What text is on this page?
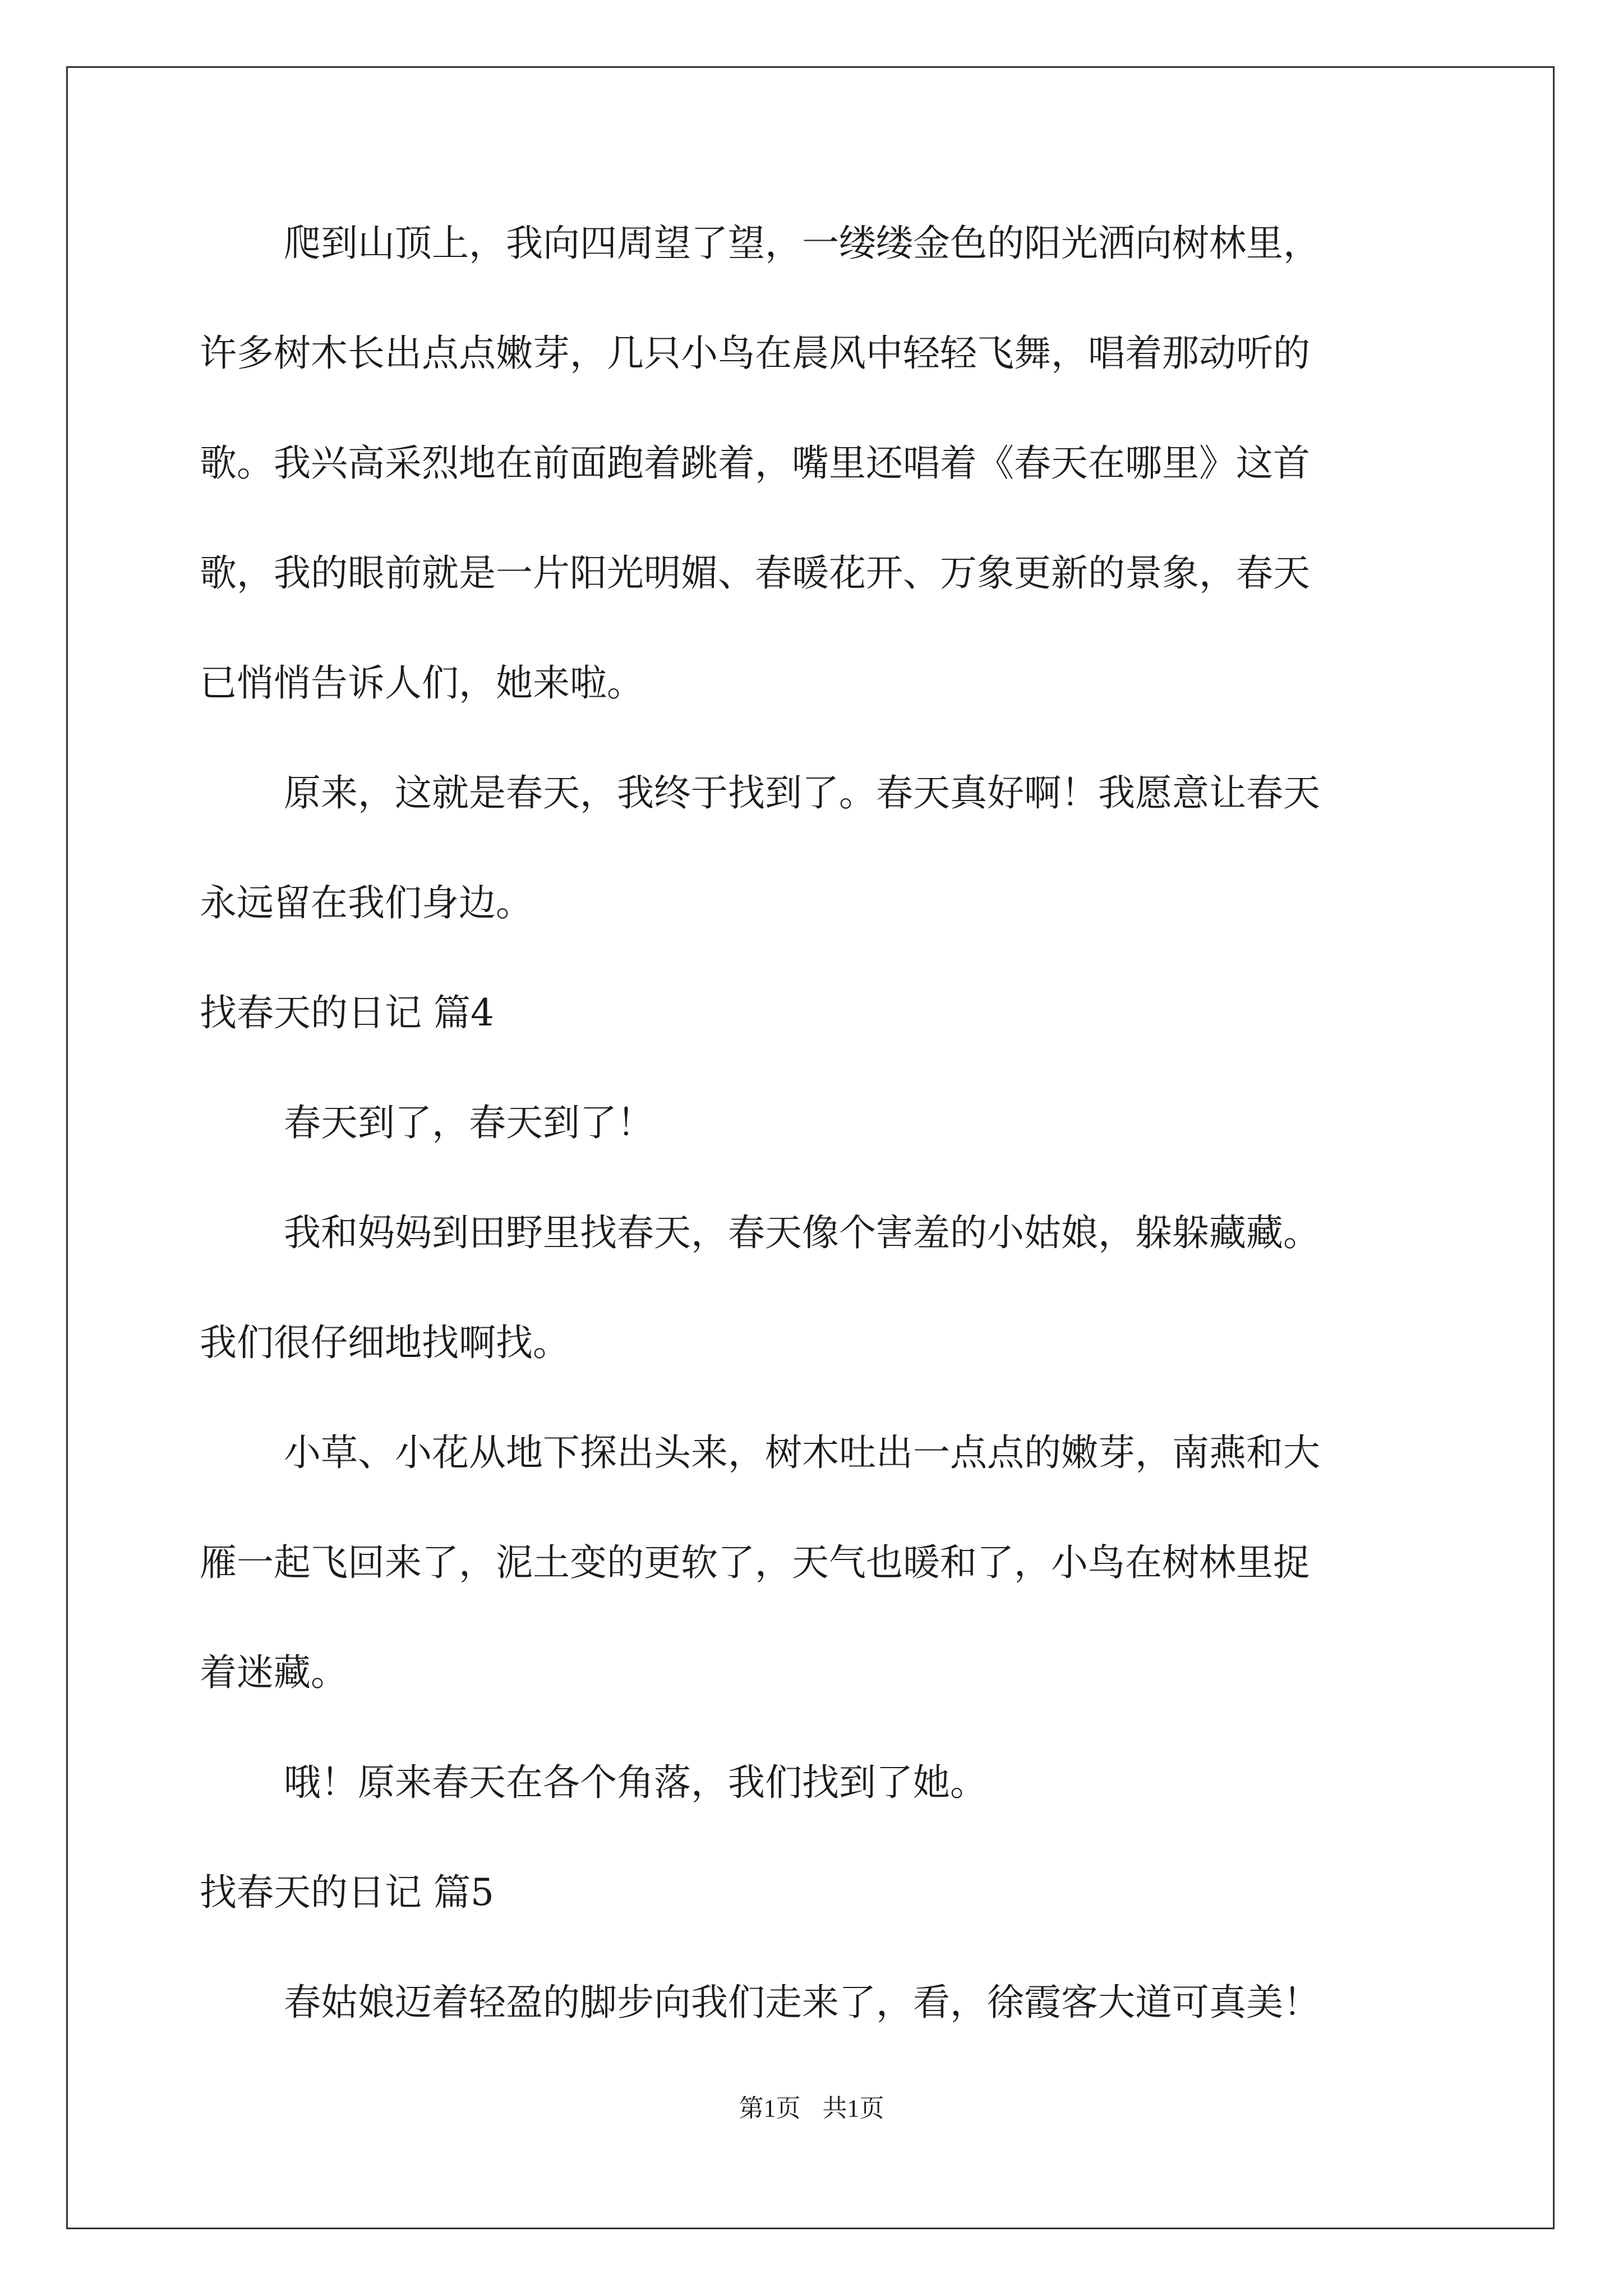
爬到山顶上，我向四周望了望，一缕缕金色的阳光洒向树林里，

许多树木长出点点嫩芽，几只小鸟在晨风中轻轻飞舞，唱着那动听的

歌。我兴高采烈地在前面跑着跳着，嘴里还唱着《春天在哪里》这首

歌，我的眼前就是一片阳光明媚、春暖花开、万象更新的景象，春天

已悄悄告诉人们，她来啦。

原来，这就是春天，我终于找到了。春天真好啊！我愿意让春天

永远留在我们身边。

找春天的日记 篇4

春天到了，春天到了！

我和妈妈到田野里找春天，春天像个害羞的小姑娘，躲躲藏藏。

我们很仔细地找啊找。

小草、小花从地下探出头来，树木吐出一点点的嫩芽，南燕和大

雁一起飞回来了，泥土变的更软了，天气也暖和了，小鸟在树林里捉

着迷藏。

哦！原来春天在各个角落，我们找到了她。

找春天的日记 篇5

春姑娘迈着轻盈的脚步向我们走来了，看，徐霞客大道可真美！

第1页 共1页
